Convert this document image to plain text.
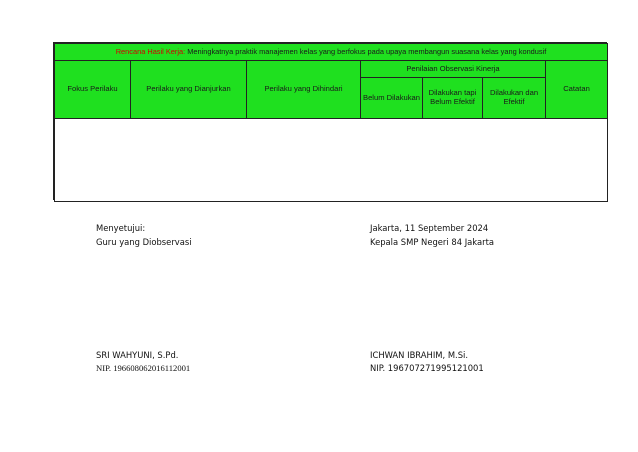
Rencana Hasil Kerja: Meningkatnya praktik manajemen kelas yang berfokus pada upaya membangun suasana kelas yang kondusif						
Fokus Perilaku	Perilaku yang Dianjurkan	Perilaku yang Dihindari	Penilaian Observasi Kinerja			Catatan
			Belum Dilakukan	Dilakukan tapi Belum Efektif	Dilakukan dan Efektif	

Menyetujui:
Guru yang Diobservasi
SRI WAHYUNI, S.Pd.
NIP. 196608062016112001
Jakarta, 11 September 2024
Kepala SMP Negeri 84 Jakarta
ICHWAN IBRAHIM, M.Si.
NIP. 196707271995121001
